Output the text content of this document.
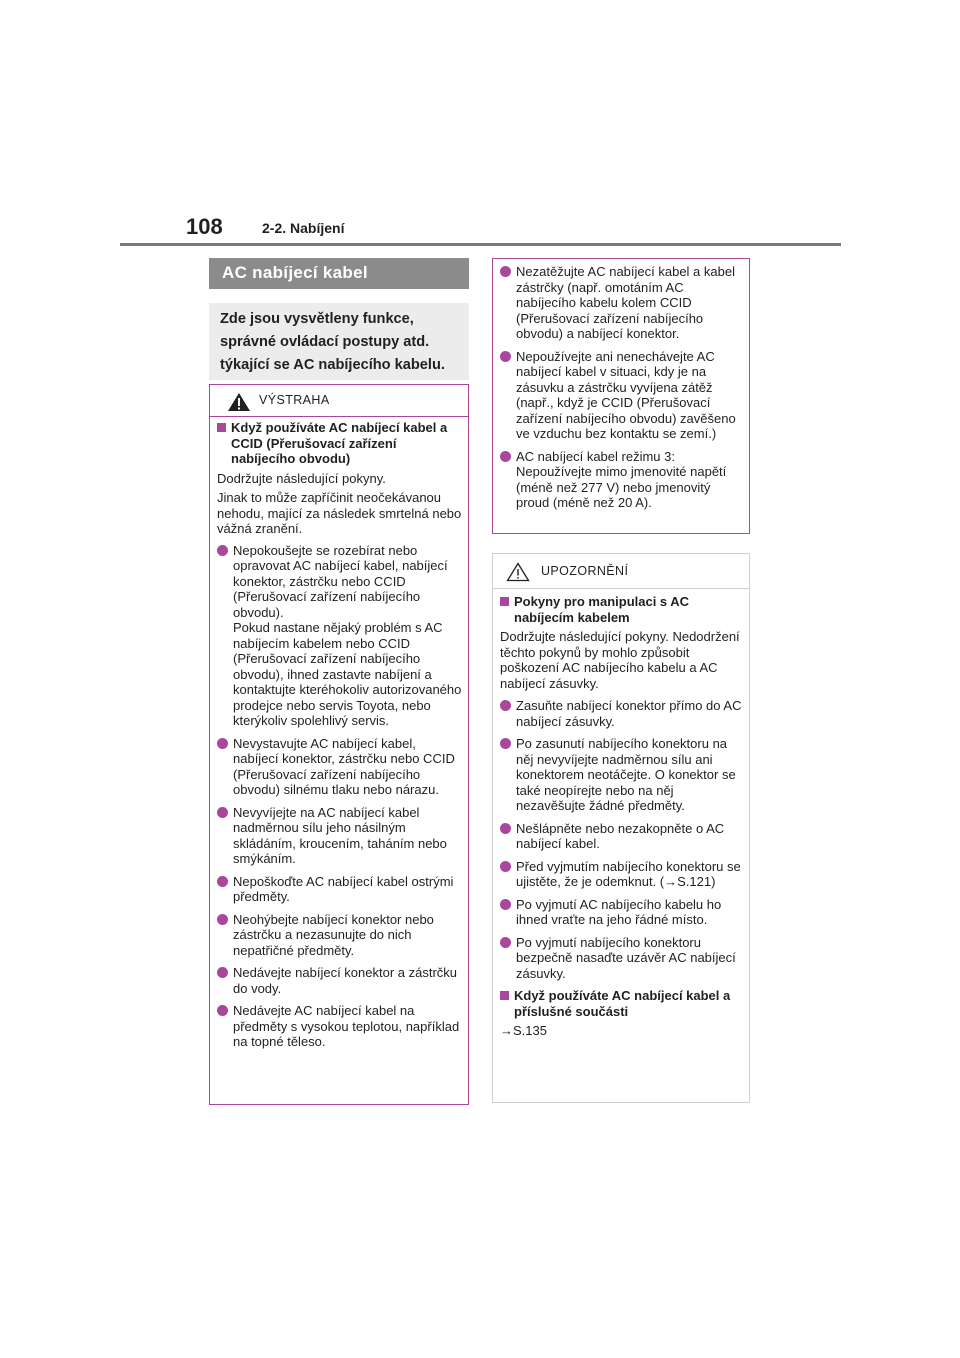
108	2-2. Nabíjení
AC nabíjecí kabel
Zde jsou vysvětleny funkce, správné ovládací postupy atd. týkající se AC nabíjecího kabelu.
VÝSTRAHA
Když používáte AC nabíjecí kabel a CCID (Přerušovací zařízení nabíjecího obvodu)
Dodržujte následující pokyny.
Jinak to může zapříčinit neočekávanou nehodu, mající za následek smrtelná nebo vážná zranění.
Nepokoušejte se rozebírat nebo opravovat AC nabíjecí kabel, nabíjecí konektor, zástrčku nebo CCID (Přerušovací zařízení nabíjecího obvodu).
Pokud nastane nějaký problém s AC nabíjecím kabelem nebo CCID (Přerušovací zařízení nabíjecího obvodu), ihned zastavte nabíjení a kontaktujte kteréhokoliv autorizovaného prodejce nebo servis Toyota, nebo kterýkoliv spolehlivý servis.
Nevystavujte AC nabíjecí kabel, nabíjecí konektor, zástrčku nebo CCID (Přerušovací zařízení nabíjecího obvodu) silnému tlaku nebo nárazu.
Nevyvíjejte na AC nabíjecí kabel nadměrnou sílu jeho násilným skládáním, kroucením, taháním nebo smýkáním.
Nepoškoďte AC nabíjecí kabel ostrými předměty.
Neohýbejte nabíjecí konektor nebo zástrčku a nezasunujte do nich nepatřičné předměty.
Nedávejte nabíjecí konektor a zástrčku do vody.
Nedávejte AC nabíjecí kabel na předměty s vysokou teplotou, například na topné těleso.
Nezatěžujte AC nabíjecí kabel a kabel zástrčky (např. omotáním AC nabíjecího kabelu kolem CCID (Přerušovací zařízení nabíjecího obvodu) a nabíjecí konektor.
Nepoužívejte ani nenechávejte AC nabíjecí kabel v situaci, kdy je na zásuvku a zástrčku vyvíjena zátěž (např., když je CCID (Přerušovací zařízení nabíjecího obvodu) zavěšeno ve vzduchu bez kontaktu se zemí.)
AC nabíjecí kabel režimu 3: Nepoužívejte mimo jmenovité napětí (méně než 277 V) nebo jmenovitý proud (méně než 20 A).
UPOZORNĚNÍ
Pokyny pro manipulaci s AC nabíjecím kabelem
Dodržujte následující pokyny. Nedodržení těchto pokynů by mohlo způsobit poškození AC nabíjecího kabelu a AC nabíjecí zásuvky.
Zasuňte nabíjecí konektor přímo do AC nabíjecí zásuvky.
Po zasunutí nabíjecího konektoru na něj nevyvíjejte nadměrnou sílu ani konektorem neotáčejte. O konektor se také neopírejte nebo na něj nezavěšujte žádné předměty.
Nešlápněte nebo nezakopněte o AC nabíjecí kabel.
Před vyjmutím nabíjecího konektoru se ujistěte, že je odemknut. (→S.121)
Po vyjmutí AC nabíjecího kabelu ho ihned vraťte na jeho řádné místo.
Po vyjmutí nabíjecího konektoru bezpečně nasaďte uzávěr AC nabíjecí zásuvky.
Když používáte AC nabíjecí kabel a příslušné součásti
→S.135
